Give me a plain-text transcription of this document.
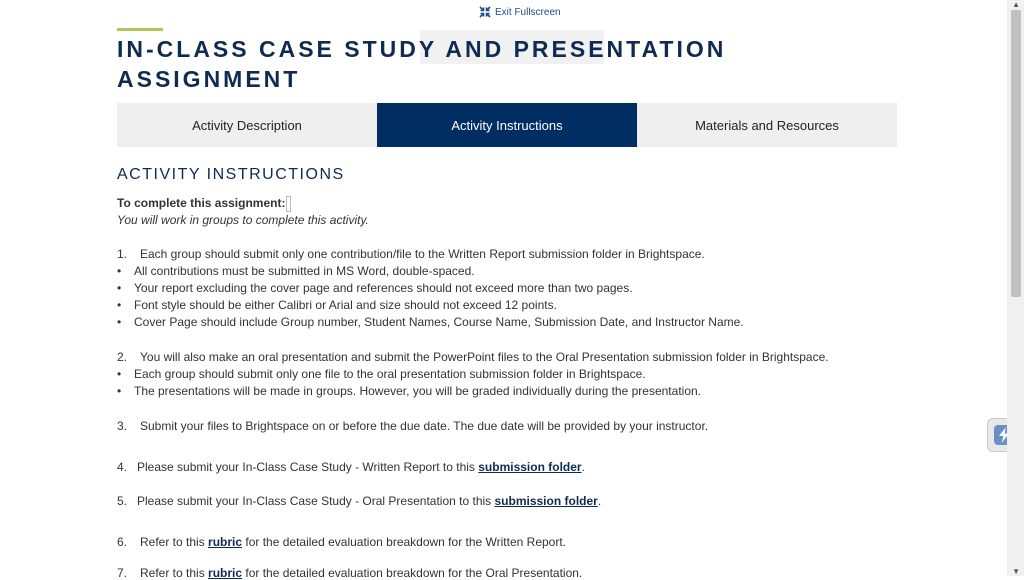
Exit Fullscreen
IN-CLASS CASE STUDY AND PRESENTATION ASSIGNMENT
Activity Description	Activity Instructions	Materials and Resources
ACTIVITY INSTRUCTIONS
To complete this assignment:
You will work in groups to complete this activity.
1. Each group should submit only one contribution/file to the Written Report submission folder in Brightspace.
• All contributions must be submitted in MS Word, double-spaced.
• Your report excluding the cover page and references should not exceed more than two pages.
• Font style should be either Calibri or Arial and size should not exceed 12 points.
• Cover Page should include Group number, Student Names, Course Name, Submission Date, and Instructor Name.
2. You will also make an oral presentation and submit the PowerPoint files to the Oral Presentation submission folder in Brightspace.
• Each group should submit only one file to the oral presentation submission folder in Brightspace.
• The presentations will be made in groups. However, you will be graded individually during the presentation.
3. Submit your files to Brightspace on or before the due date. The due date will be provided by your instructor.
4. Please submit your In-Class Case Study - Written Report to this submission folder.
5. Please submit your In-Class Case Study - Oral Presentation to this submission folder.
6. Refer to this rubric for the detailed evaluation breakdown for the Written Report.
7. Refer to this rubric for the detailed evaluation breakdown for the Oral Presentation.
▲
▼
